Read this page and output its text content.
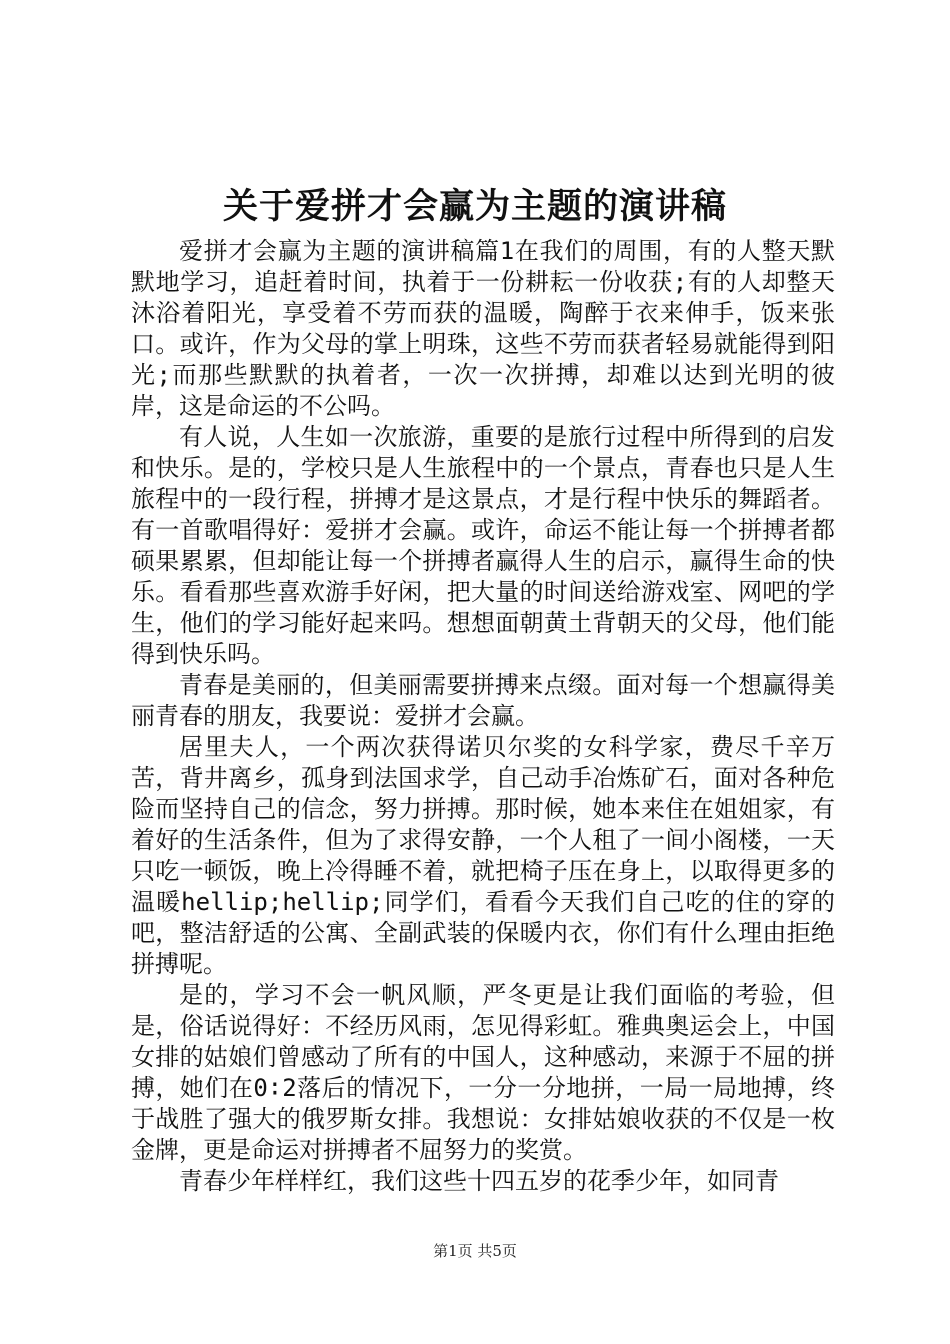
关于爱拼才会赢为主题的演讲稿

爱拼才会赢为主题的演讲稿篇1在我们的周围，有的人整天默默地学习，追赶着时间，执着于一份耕耘一份收获;有的人却整天沐浴着阳光，享受着不劳而获的温暖，陶醉于衣来伸手，饭来张口。或许，作为父母的掌上明珠，这些不劳而获者轻易就能得到阳光;而那些默默的执着者，一次一次拼搏，却难以达到光明的彼岸，这是命运的不公吗。

有人说，人生如一次旅游，重要的是旅行过程中所得到的启发和快乐。是的，学校只是人生旅程中的一个景点，青春也只是人生旅程中的一段行程，拼搏才是这景点，才是行程中快乐的舞蹈者。有一首歌唱得好：爱拼才会赢。或许，命运不能让每一个拼搏者都硕果累累，但却能让每一个拼搏者赢得人生的启示，赢得生命的快乐。看看那些喜欢游手好闲，把大量的时间送给游戏室、网吧的学生，他们的学习能好起来吗。想想面朝黄土背朝天的父母，他们能得到快乐吗。

青春是美丽的，但美丽需要拼搏来点缀。面对每一个想赢得美丽青春的朋友，我要说：爱拼才会赢。

居里夫人，一个两次获得诺贝尔奖的女科学家，费尽千辛万苦，背井离乡，孤身到法国求学，自己动手冶炼矿石，面对各种危险而坚持自己的信念，努力拼搏。那时候，她本来住在姐姐家，有着好的生活条件，但为了求得安静，一个人租了一间小阁楼，一天只吃一顿饭，晚上冷得睡不着，就把椅子压在身上，以取得更多的温暖hellip;hellip;同学们，看看今天我们自己吃的住的穿的吧，整洁舒适的公寓、全副武装的保暖内衣，你们有什么理由拒绝拼搏呢。

是的，学习不会一帆风顺，严冬更是让我们面临的考验，但是，俗话说得好：不经历风雨，怎见得彩虹。雅典奥运会上，中国女排的姑娘们曾感动了所有的中国人，这种感动，来源于不屈的拼搏，她们在0∶2落后的情况下，一分一分地拼，一局一局地搏，终于战胜了强大的俄罗斯女排。我想说：女排姑娘收获的不仅是一枚金牌，更是命运对拼搏者不屈努力的奖赏。

青春少年样样红，我们这些十四五岁的花季少年，如同青

第1页 共5页
